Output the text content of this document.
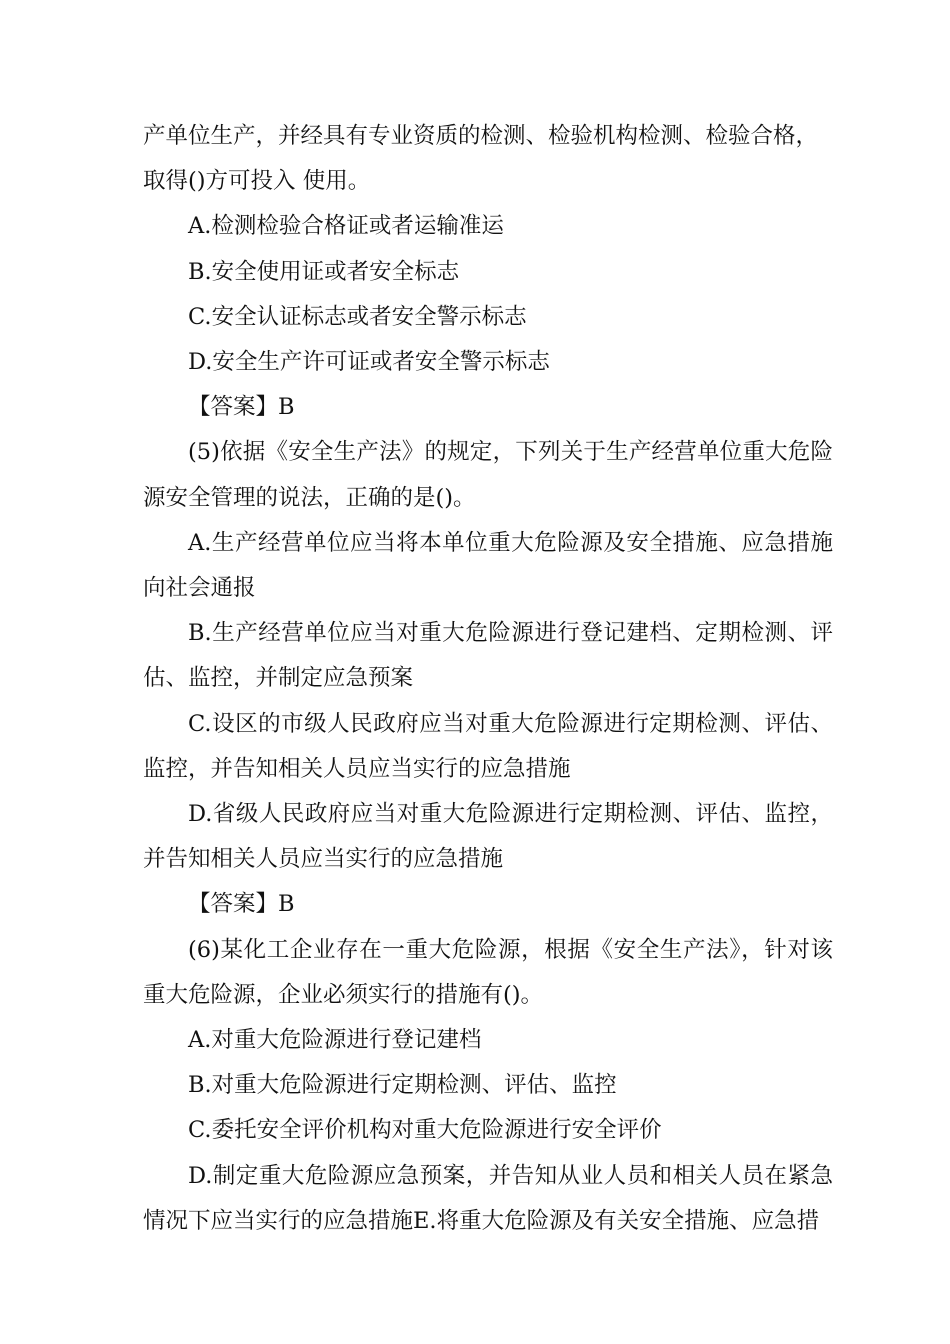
产单位生产，并经具有专业资质的检测、检验机构检测、检验合格，

取得()方可投入 使用。

A.检测检验合格证或者运输准运

B.安全使用证或者安全标志

C.安全认证标志或者安全警示标志

D.安全生产许可证或者安全警示标志

【答案】B

(5)依据《安全生产法》的规定，下列关于生产经营单位重大危险源安全管理的说法，正确的是()。

A.生产经营单位应当将本单位重大危险源及安全措施、应急措施向社会通报

B.生产经营单位应当对重大危险源进行登记建档、定期检测、评估、监控，并制定应急预案

C.设区的市级人民政府应当对重大危险源进行定期检测、评估、监控，并告知相关人员应当实行的应急措施

D.省级人民政府应当对重大危险源进行定期检测、评估、监控，并告知相关人员应当实行的应急措施

【答案】B

(6)某化工企业存在一重大危险源，根据《安全生产法》，针对该重大危险源，企业必须实行的措施有()。

A.对重大危险源进行登记建档

B.对重大危险源进行定期检测、评估、监控

C.委托安全评价机构对重大危险源进行安全评价

D.制定重大危险源应急预案，并告知从业人员和相关人员在紧急情况下应当实行的应急措施E.将重大危险源及有关安全措施、应急措
